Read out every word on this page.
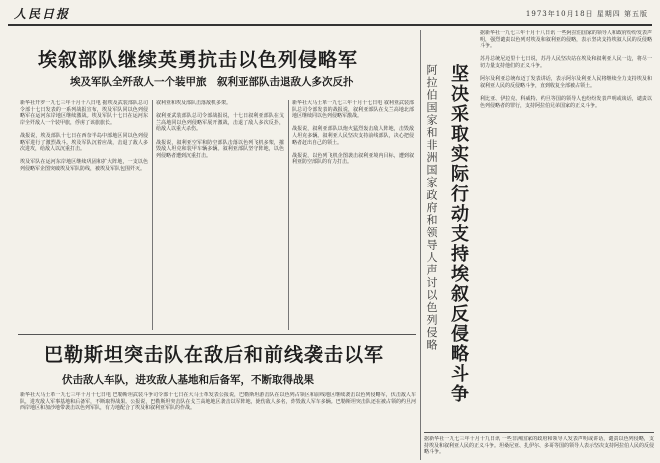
人民日报	1973年10月18日 星期四 第五版
埃叙部队继续英勇抗击以色列侵略军
埃及军队全歼敌人一个装甲旅　叙利亚部队击退敌人多次反扑
新华社开罗一九七三年十月十八日电 据埃及武装部队总司令部十七日发表的一系列战报宣布，埃及军队同以色列侵略军在运河东岸地区继续激战。埃及军队十七日在运河东岸全歼敌人一个装甲旅，俘虏了该旅旅长。

战报说，埃及部队十七日在西奈半岛中部地区同以色列侵略军进行了激烈战斗。埃及军队沉着应战，击退了敌人多次进攻，给敌人以沉重打击。

埃及军队在运河东岸地区继续巩固和扩大阵地，一支以色列侵略军企图突破埃及军队防线，被埃及军队包围歼灭。
叙利亚和埃及部队击落敌机多架。

叙利亚武装部队总司令部战报说，十七日叙利亚部队在戈兰高地同以色列侵略军展开激战，击退了敌人多次反扑，给敌人以重大杀伤。

战报说，叙利亚空军和防空部队击落以色列飞机多架，摧毁敌人坦克和装甲车辆多辆。叙利亚部队坚守阵地，以色列侵略者遭到沉重打击。
新华社大马士革一九七三年十月十七日电 叙利亚武装部队总司令部发表的战报说，叙利亚部队在戈兰高地北部地区继续同以色列侵略军激战。

战报说，叙利亚部队以炮火猛烈轰击敌人阵地，击毁敌人坦克多辆。叙利亚人民坚决支持前线部队，决心把侵略者赶出自己的领土。

战报说，以色列飞机企图袭击叙利亚境内目标，遭到叙利亚防空部队的有力打击。
巴勒斯坦突击队在敌后和前线袭击以军
伏击敌人车队，进攻敌人基地和后备军，不断取得战果
新华社大马士革一九七三年十月十七日电 巴勒斯坦武装斗争司令部十七日在大马士革发表公报说，巴勒斯坦游击队在以色列占领区和前线地区继续袭击以色列侵略军，伏击敌人车队，进攻敌人军事基地和后备军，不断取得战果。公报说，巴勒斯坦突击队在戈兰高地地区袭击以军阵地，毙伤敌人多名，炸毁敌人军车多辆。巴勒斯坦突击队还在被占领的约旦河西岸地区和加沙地带袭击以色列军队，有力地配合了埃及和叙利亚军队的作战。
阿拉伯国家和非洲国家政府和领导人声讨以色列侵略 坚决采取实际行动支持埃叙反侵略斗争
据新华社一九七三年十月十八日讯 一些阿拉伯国家的领导人和政府纷纷发表声明，强烈谴责以色列对埃及和叙利亚的侵略，表示坚决支持埃叙人民的反侵略斗争。

苏丹总统尼迈里十七日说，苏丹人民坚决站在埃及和叙利亚人民一边，将尽一切力量支持他们的正义斗争。

阿尔及利亚总统布迈丁发表讲话，表示阿尔及利亚人民将继续全力支持埃及和叙利亚人民的反侵略斗争，直到收复全部被占领土。

利比亚、伊拉克、科威特、约旦等国的领导人也纷纷发表声明或谈话，谴责以色列侵略者的罪行，支持阿拉伯兄弟国家的正义斗争。
据新华社一九七三年十月十九日讯 一些非洲国家的政府和领导人发表声明或讲话，谴责以色列侵略，支持埃及和叙利亚人民的正义斗争。坦桑尼亚、扎伊尔、多哥等国的领导人表示坚决支持阿拉伯人民的反侵略斗争。
